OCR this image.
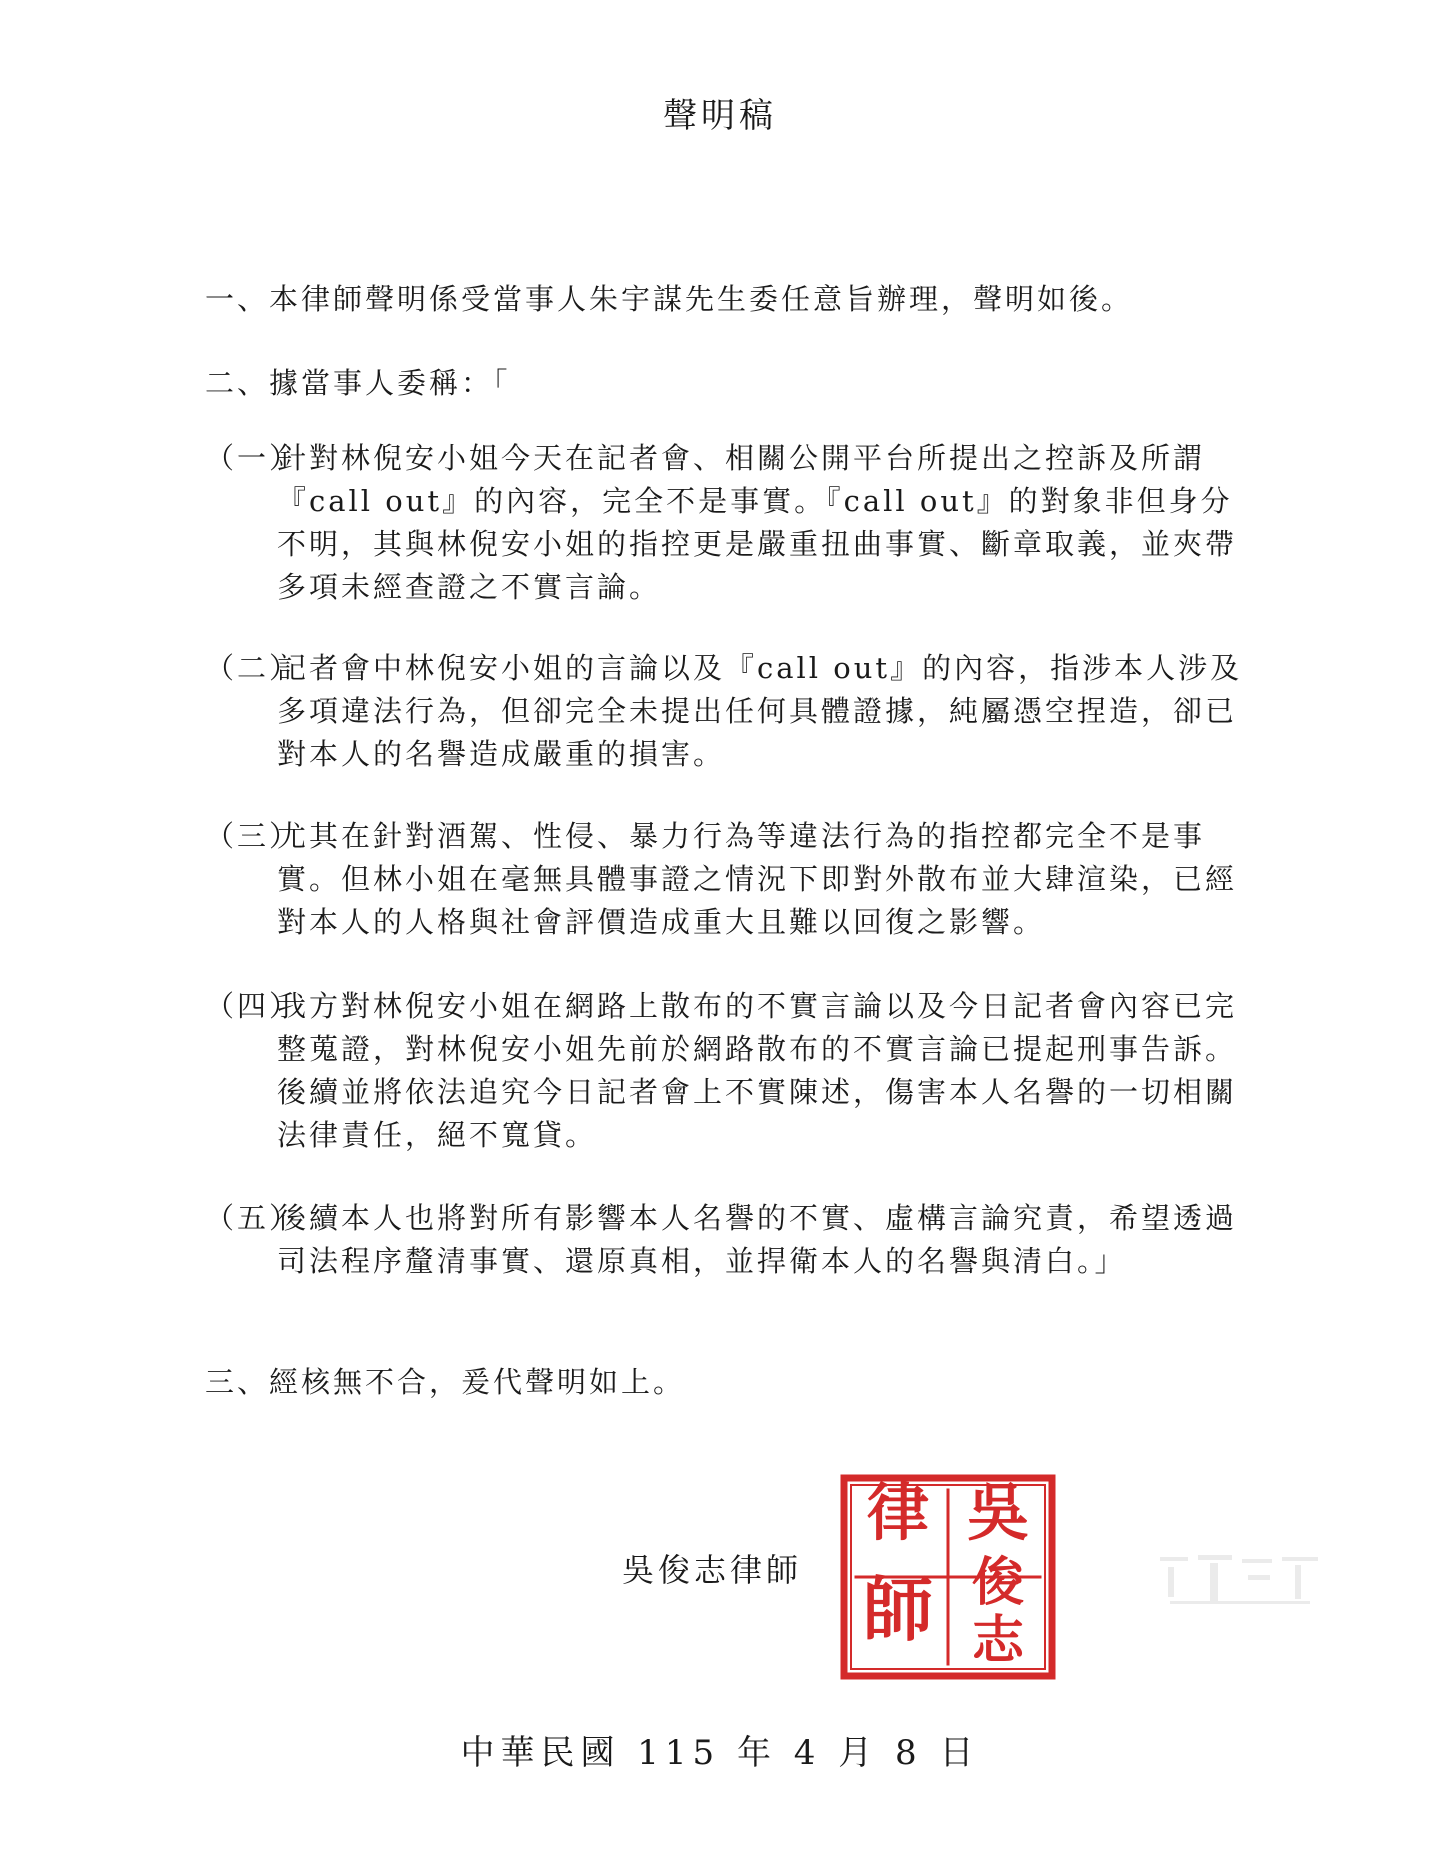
聲明稿
一、本律師聲明係受當事人朱宇謀先生委任意旨辦理，聲明如後。
二、據當事人委稱：「
（一）
針對林倪安小姐今天在記者會、相關公開平台所提出之控訴及所謂『call out』的內容，完全不是事實。『call out』的對象非但身分不明，其與林倪安小姐的指控更是嚴重扭曲事實、斷章取義，並夾帶多項未經查證之不實言論。
（二）
記者會中林倪安小姐的言論以及『call out』的內容，指涉本人涉及多項違法行為，但卻完全未提出任何具體證據，純屬憑空捏造，卻已對本人的名譽造成嚴重的損害。
（三）
尤其在針對酒駕、性侵、暴力行為等違法行為的指控都完全不是事實。但林小姐在毫無具體事證之情況下即對外散布並大肆渲染，已經對本人的人格與社會評價造成重大且難以回復之影響。
（四）
我方對林倪安小姐在網路上散布的不實言論以及今日記者會內容已完整蒐證，對林倪安小姐先前於網路散布的不實言論已提起刑事告訴。後續並將依法追究今日記者會上不實陳述，傷害本人名譽的一切相關法律責任，絕不寬貸。
（五）
後續本人也將對所有影響本人名譽的不實、虛構言論究責，希望透過司法程序釐清事實、還原真相，並捍衛本人的名譽與清白。」
三、經核無不合，爰代聲明如上。
吳俊志律師
吳
俊
志
律
師
中華民國 115 年 4 月 8 日
